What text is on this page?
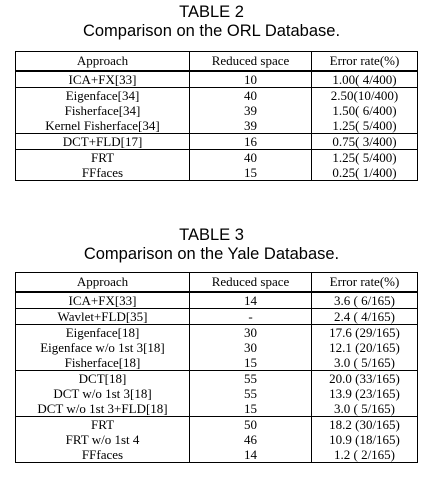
TABLE 2
Comparison on the ORL Database.
Approach	Reduced space	Error rate(%)
ICA+FX[33]	10	1.00( 4/400)
Eigenface[34]	40	2.50(10/400)
Fisherface[34]	39	1.50( 6/400)
Kernel Fisherface[34]	39	1.25( 5/400)
DCT+FLD[17]	16	0.75( 3/400)
FRT	40	1.25( 5/400)
FFfaces	15	0.25( 1/400)
TABLE 3
Comparison on the Yale Database.
Approach	Reduced space	Error rate(%)
ICA+FX[33]	14	3.6 ( 6/165)
Wavlet+FLD[35]	-	2.4 ( 4/165)
Eigenface[18]	30	17.6 (29/165)
Eigenface w/o 1st 3[18]	30	12.1 (20/165)
Fisherface[18]	15	3.0 ( 5/165)
DCT[18]	55	20.0 (33/165)
DCT w/o 1st 3[18]	55	13.9 (23/165)
DCT w/o 1st 3+FLD[18]	15	3.0 ( 5/165)
FRT	50	18.2 (30/165)
FRT w/o 1st 4	46	10.9 (18/165)
FFfaces	14	1.2 ( 2/165)
